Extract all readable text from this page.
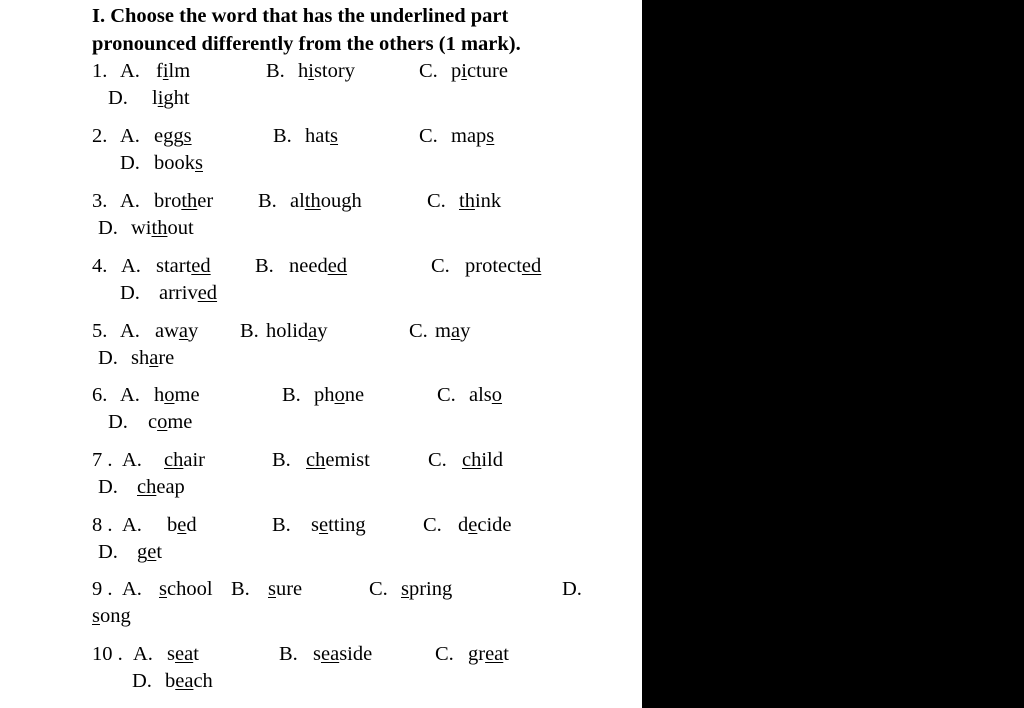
I. Choose the word that has the underlined part
pronounced differently from the others (1 mark).
1. A. film	B. history	C. picture
D. light
2. A. eggs	B. hats	C. maps
D. books
3. A. brother B. although	C. think
D. without
4. A. started B. needed	C. protected
D. arrived
5. A. away B. holiday	C. may
D. share
6. A. home	B. phone	C. also
D. come
7 . A. chair	B. chemist	C. child
D. cheap
8 . A. bed	B. setting	C. decide
D. get
9 . A. school B. sure	C. spring	D.
song
10 . A. seat	B. seaside	C. great
D. beach
